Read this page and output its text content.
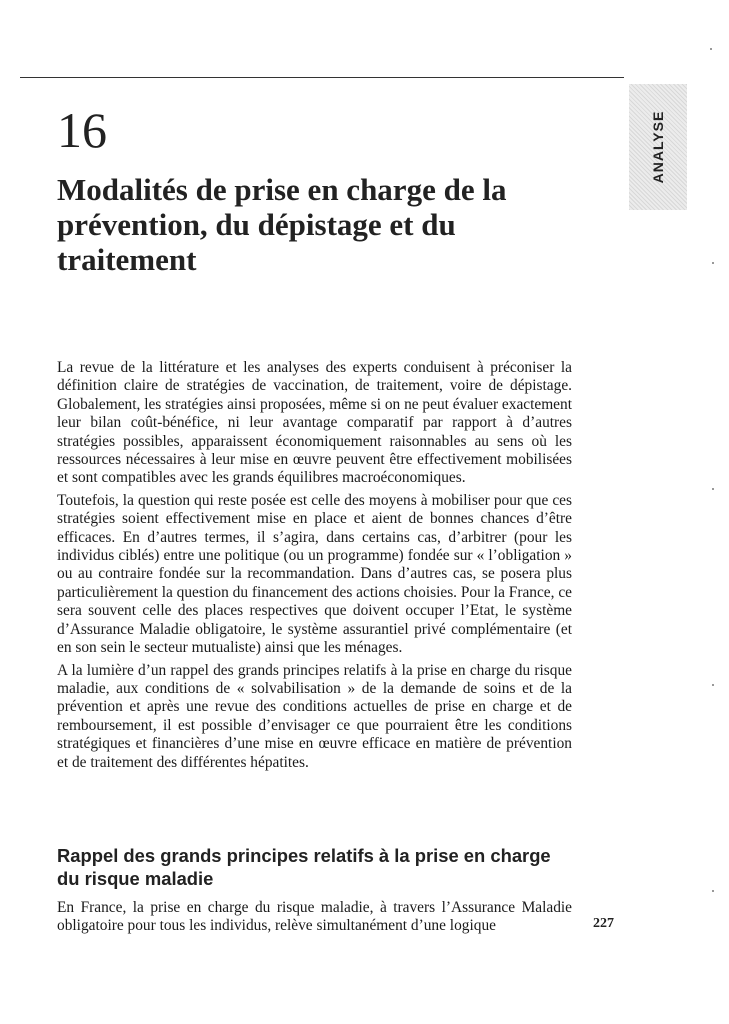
ANALYSE
16
Modalités de prise en charge de la prévention, du dépistage et du traitement

La revue de la littérature et les analyses des experts conduisent à préconiser la définition claire de stratégies de vaccination, de traitement, voire de dépistage. Globalement, les stratégies ainsi proposées, même si on ne peut évaluer exactement leur bilan coût-bénéfice, ni leur avantage comparatif par rapport à d’autres stratégies possibles, apparaissent économiquement raisonnables au sens où les ressources nécessaires à leur mise en œuvre peuvent être effectivement mobilisées et sont compatibles avec les grands équilibres macroéconomiques.

Toutefois, la question qui reste posée est celle des moyens à mobiliser pour que ces stratégies soient effectivement mise en place et aient de bonnes chances d’être efficaces. En d’autres termes, il s’agira, dans certains cas, d’arbitrer (pour les individus ciblés) entre une politique (ou un programme) fondée sur « l’obligation » ou au contraire fondée sur la recommandation. Dans d’autres cas, se posera plus particulièrement la question du financement des actions choisies. Pour la France, ce sera souvent celle des places respectives que doivent occuper l’Etat, le système d’Assurance Maladie obligatoire, le système assurantiel privé complémentaire (et en son sein le secteur mutualiste) ainsi que les ménages.

A la lumière d’un rappel des grands principes relatifs à la prise en charge du risque maladie, aux conditions de « solvabilisation » de la demande de soins et de la prévention et après une revue des conditions actuelles de prise en charge et de remboursement, il est possible d’envisager ce que pourraient être les conditions stratégiques et financières d’une mise en œuvre efficace en matière de prévention et de traitement des différentes hépatites.

Rappel des grands principes relatifs à la prise en charge du risque maladie

En France, la prise en charge du risque maladie, à travers l’Assurance Maladie obligatoire pour tous les individus, relève simultanément d’une logique	227
